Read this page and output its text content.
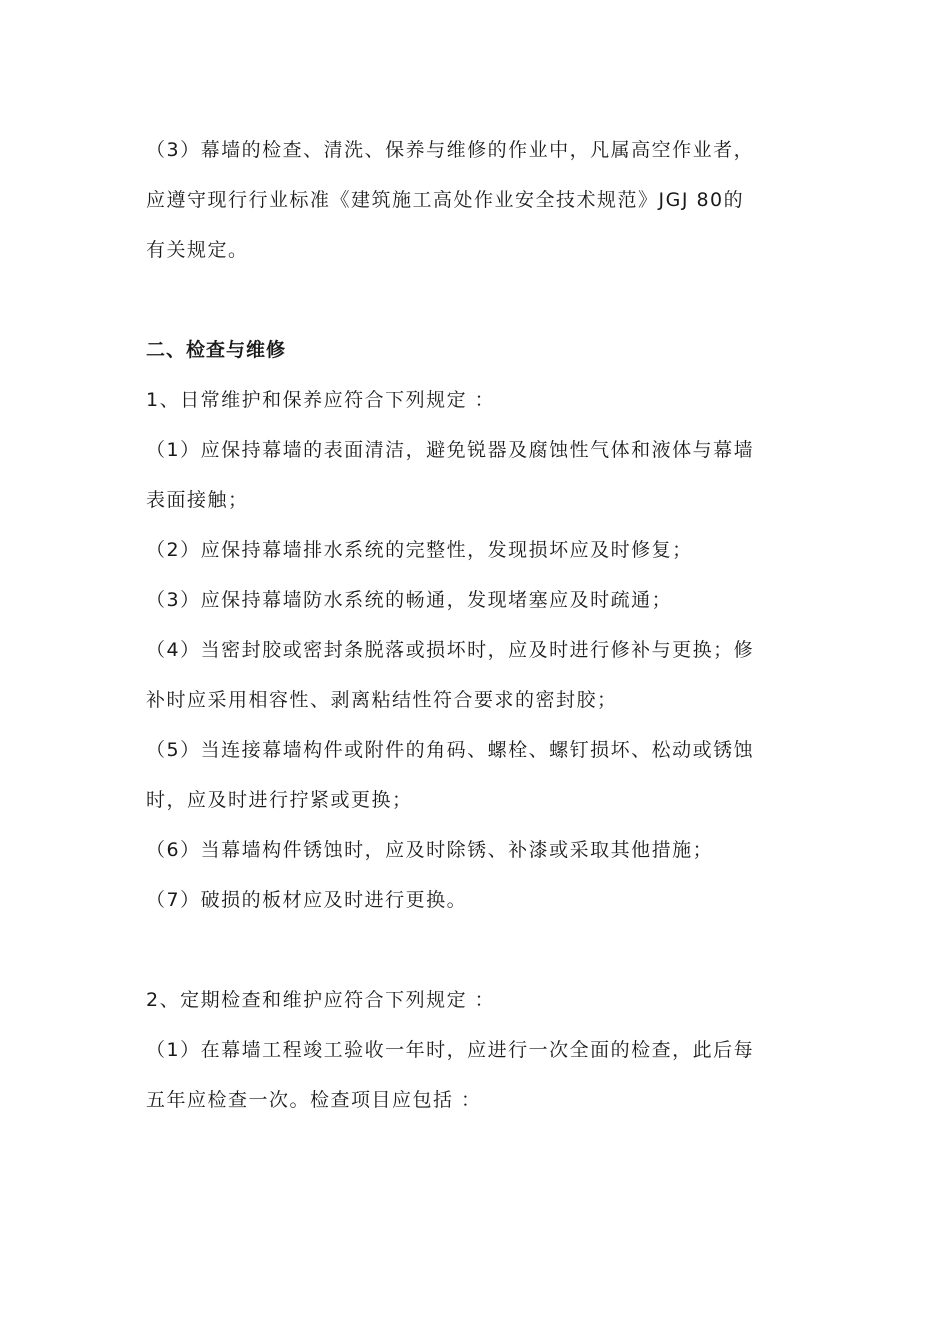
（3）幕墙的检查、清洗、保养与维修的作业中，凡属高空作业者，
应遵守现行行业标准《建筑施工高处作业安全技术规范》JGJ 80的
有关规定。
二、检查与维修
1、日常维护和保养应符合下列规定 ：
（1）应保持幕墙的表面清洁，避免锐器及腐蚀性气体和液体与幕墙
表面接触；
（2）应保持幕墙排水系统的完整性，发现损坏应及时修复；
（3）应保持幕墙防水系统的畅通，发现堵塞应及时疏通；
（4）当密封胶或密封条脱落或损坏时，应及时进行修补与更换；修
补时应采用相容性、剥离粘结性符合要求的密封胶；
（5）当连接幕墙构件或附件的角码、螺栓、螺钉损坏、松动或锈蚀
时，应及时进行拧紧或更换；
（6）当幕墙构件锈蚀时，应及时除锈、补漆或采取其他措施；
（7）破损的板材应及时进行更换。
2、定期检查和维护应符合下列规定 ：
（1）在幕墙工程竣工验收一年时，应进行一次全面的检查，此后每
五年应检查一次。检查项目应包括 ：
